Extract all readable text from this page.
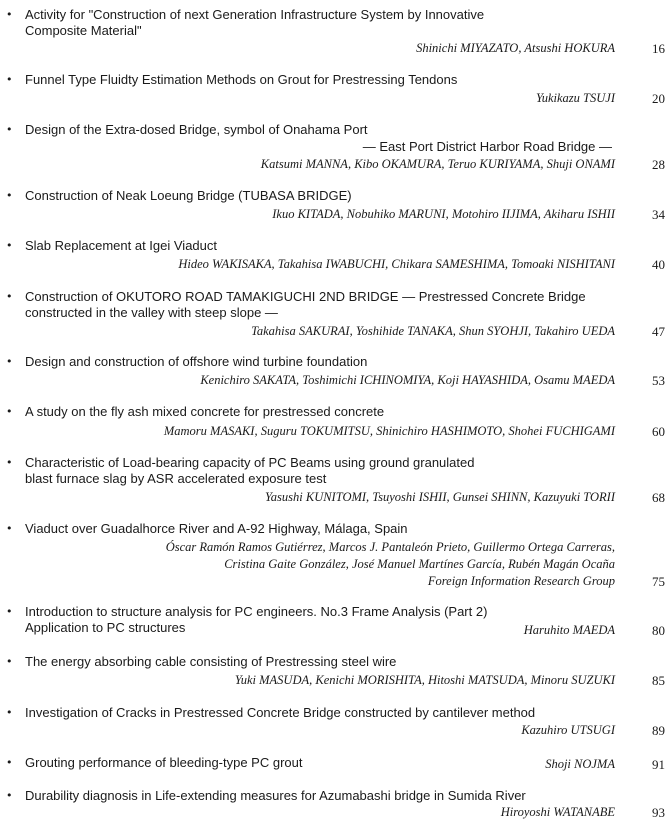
• Activity for "Construction of next Generation Infrastructure System by Innovative
Composite Material"
Shinichi MIYAZATO, Atsushi HOKURA	16
• Funnel Type Fluidty Estimation Methods on Grout for Prestressing Tendons
Yukikazu TSUJI	20
• Design of the Extra-dosed Bridge, symbol of Onahama Port
— East Port District Harbor Road Bridge —
Katsumi MANNA, Kibo OKAMURA, Teruo KURIYAMA, Shuji ONAMI	28
• Construction of Neak Loeung Bridge (TUBASA BRIDGE)
Ikuo KITADA, Nobuhiko MARUNI, Motohiro IIJIMA, Akiharu ISHII	34
• Slab Replacement at Igei Viaduct
Hideo WAKISAKA, Takahisa IWABUCHI, Chikara SAMESHIMA, Tomoaki NISHITANI	40
• Construction of OKUTORO ROAD TAMAKIGUCHI 2ND BRIDGE — Prestressed Concrete Bridge
constructed in the valley with steep slope —
Takahisa SAKURAI, Yoshihide TANAKA, Shun SYOHJI, Takahiro UEDA	47
• Design and construction of offshore wind turbine foundation
Kenichiro SAKATA, Toshimichi ICHINOMIYA, Koji HAYASHIDA, Osamu MAEDA	53
• A study on the fly ash mixed concrete for prestressed concrete
Mamoru MASAKI, Suguru TOKUMITSU, Shinichiro HASHIMOTO, Shohei FUCHIGAMI	60
• Characteristic of Load-bearing capacity of PC Beams using ground granulated
blast furnace slag by ASR accelerated exposure test
Yasushi KUNITOMI, Tsuyoshi ISHII, Gunsei SHINN, Kazuyuki TORII	68
• Viaduct over Guadalhorce River and A-92 Highway, Málaga, Spain
Óscar Ramón Ramos Gutiérrez, Marcos J. Pantaleón Prieto, Guillermo Ortega Carreras,
Cristina Gaite González, José Manuel Martínes García, Rubén Magán Ocaña
Foreign Information Research Group	75
• Introduction to structure analysis for PC engineers. No.3 Frame Analysis (Part 2)
Application to PC structures	Haruhito MAEDA	80
• The energy absorbing cable consisting of Prestressing steel wire
Yuki MASUDA, Kenichi MORISHITA, Hitoshi MATSUDA, Minoru SUZUKI	85
• Investigation of Cracks in Prestressed Concrete Bridge constructed by cantilever method
Kazuhiro UTSUGI	89
• Grouting performance of bleeding-type PC grout	Shoji NOJMA	91
• Durability diagnosis in Life-extending measures for Azumabashi bridge in Sumida River
Hiroyoshi WATANABE	93
